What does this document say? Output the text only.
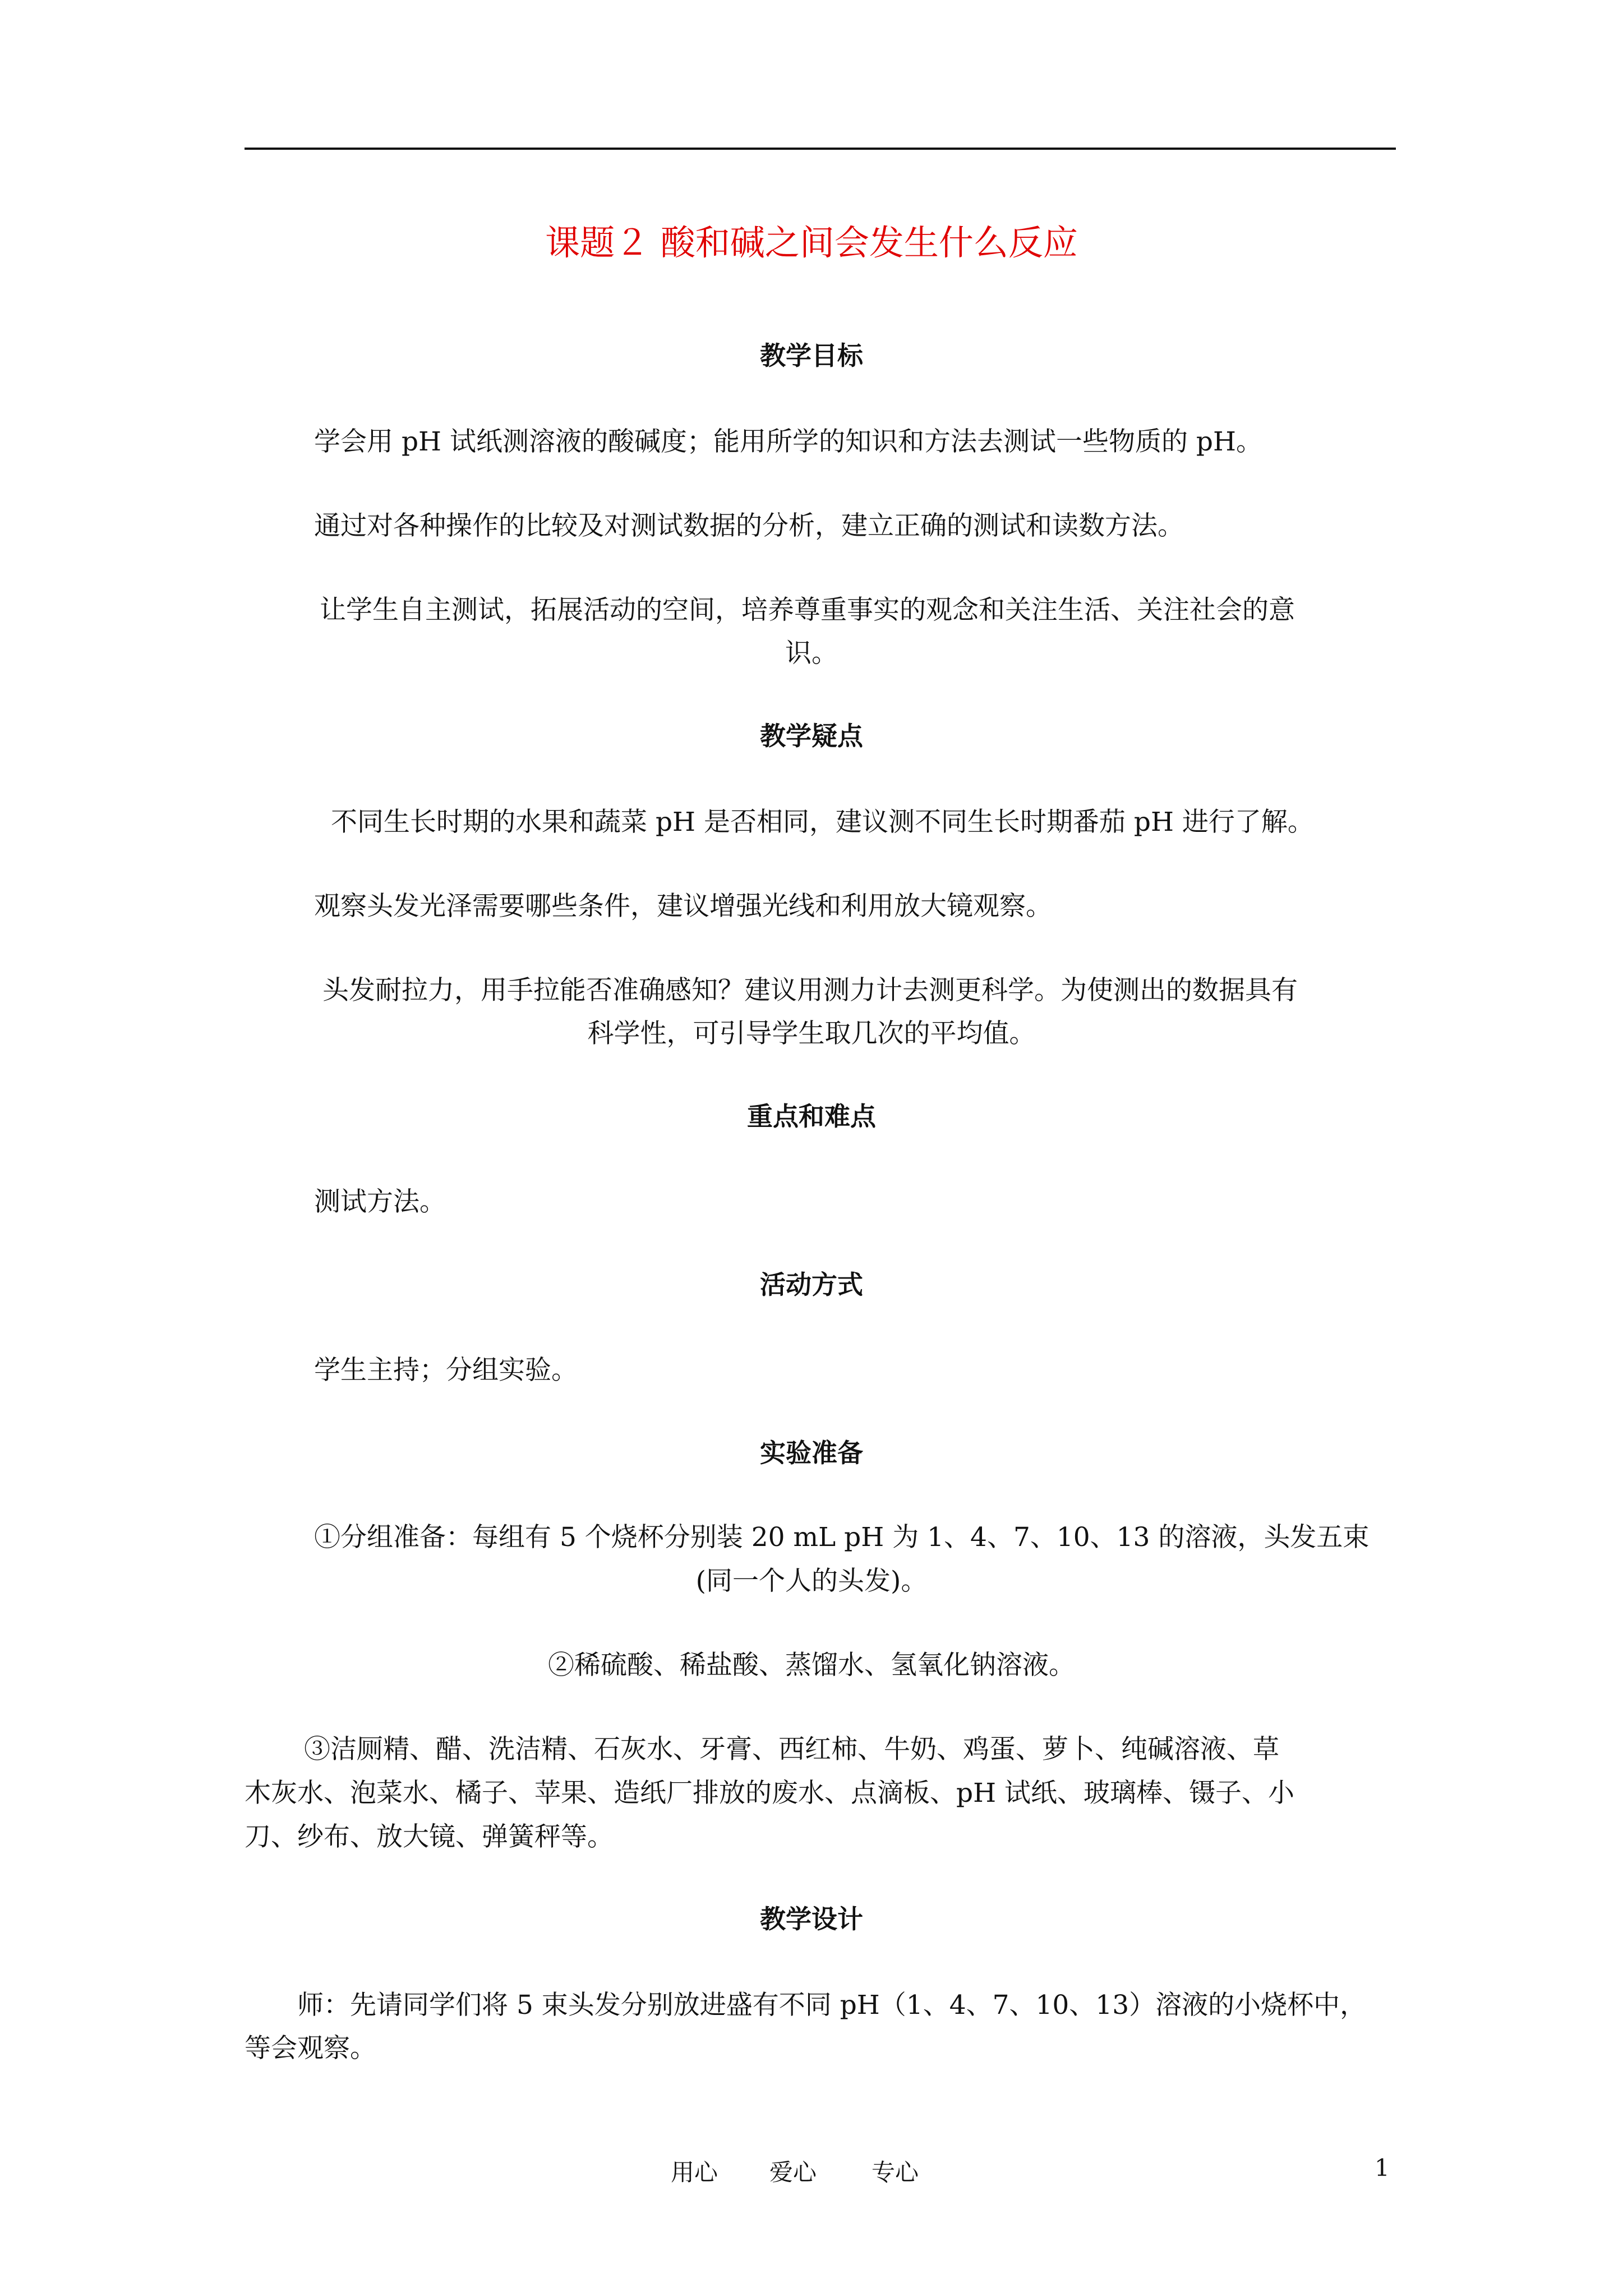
课题２ 酸和碱之间会发生什么反应
教学目标
学会用 pH 试纸测溶液的酸碱度；能用所学的知识和方法去测试一些物质的 pH。
通过对各种操作的比较及对测试数据的分析，建立正确的测试和读数方法。
让学生自主测试，拓展活动的空间，培养尊重事实的观念和关注生活、关注社会的意
识。
教学疑点
不同生长时期的水果和蔬菜 pH 是否相同，建议测不同生长时期番茄 pH 进行了解。
观察头发光泽需要哪些条件，建议增强光线和利用放大镜观察。
头发耐拉力，用手拉能否准确感知？建议用测力计去测更科学。为使测出的数据具有
科学性，可引导学生取几次的平均值。
重点和难点
测试方法。
活动方式
学生主持；分组实验。
实验准备
①分组准备：每组有 5 个烧杯分别装 20 mL pH 为 1、4、7、10、13 的溶液，头发五束
(同一个人的头发)。
②稀硫酸、稀盐酸、蒸馏水、氢氧化钠溶液。
③洁厕精、醋、洗洁精、石灰水、牙膏、西红柿、牛奶、鸡蛋、萝卜、纯碱溶液、草
木灰水、泡菜水、橘子、苹果、造纸厂排放的废水、点滴板、pH 试纸、玻璃棒、镊子、小
刀、纱布、放大镜、弹簧秤等。
教学设计
师：先请同学们将 5 束头发分别放进盛有不同 pH（1、4、7、10、13）溶液的小烧杯中，
等会观察。
用心 爱心 专心	1
